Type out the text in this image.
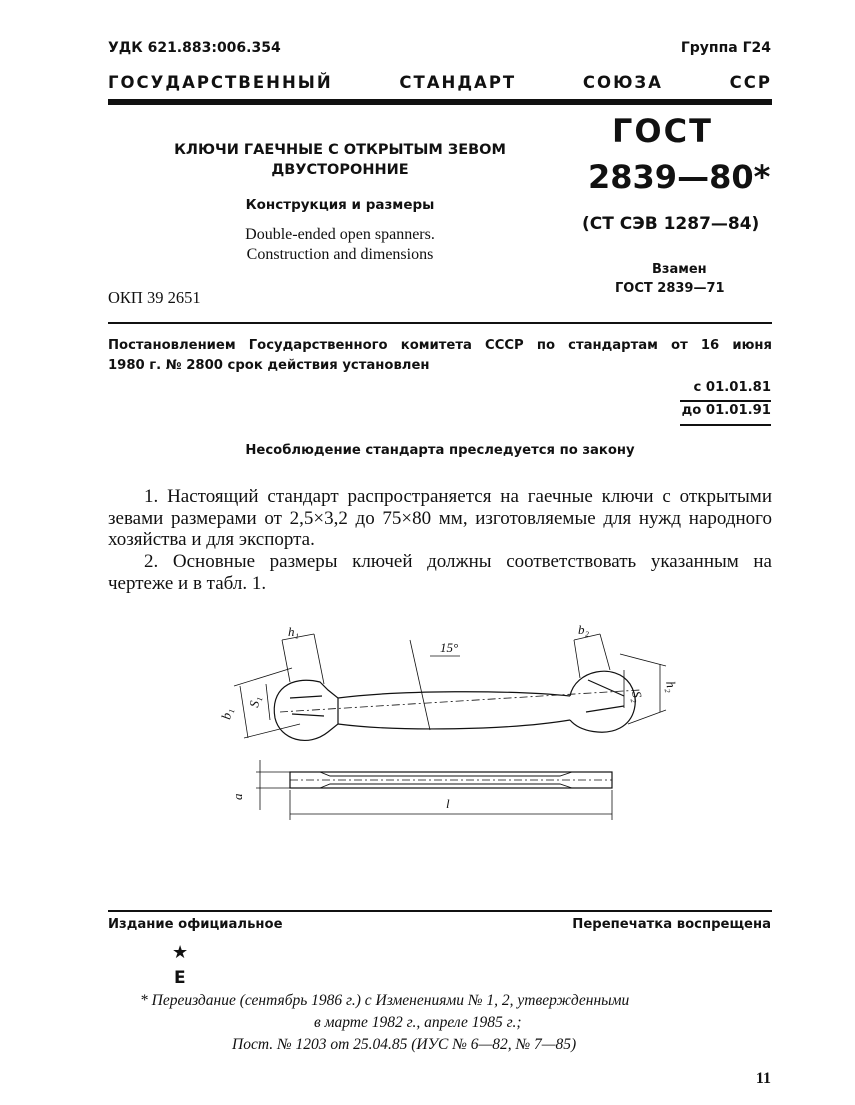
УДК 621.883:006.354	Группа Г24
ГОСУДАРСТВЕННЫЙ СТАНДАРТ СОЮЗА ССР
КЛЮЧИ ГАЕЧНЫЕ С ОТКРЫТЫМ ЗЕВОМ
ДВУСТОРОННИЕ
Конструкция и размеры
Double-ended open spanners.
Construction and dimensions
ГОСТ
2839—80*
(СТ СЭВ 1287—84)
Взамен
ГОСТ 2839—71
ОКП 39 2651
Постановлением Государственного комитета СССР по стандартам от 16 июня
1980 г. № 2800 срок действия установлен
с 01.01.81
до 01.01.91
Несоблюдение стандарта преследуется по закону
1. Настоящий стандарт распространяется на гаечные ключи с открытыми зевами размерами от 2,5×3,2 до 75×80 мм, изготовляемые для нужд народного хозяйства и для экспорта.
2. Основные размеры ключей должны соответствовать указанным на чертеже и в табл. 1.
15°
b₁
S₁
h₁	b₂
S₂
h₂
a	l
Издание официальное	Перепечатка воспрещена
★
Е
* Переиздание (сентябрь 1986 г.) с Изменениями № 1, 2, утвержденными
в марте 1982 г., апреле 1985 г.;
Пост. № 1203 от 25.04.85 (ИУС № 6—82, № 7—85)
11
